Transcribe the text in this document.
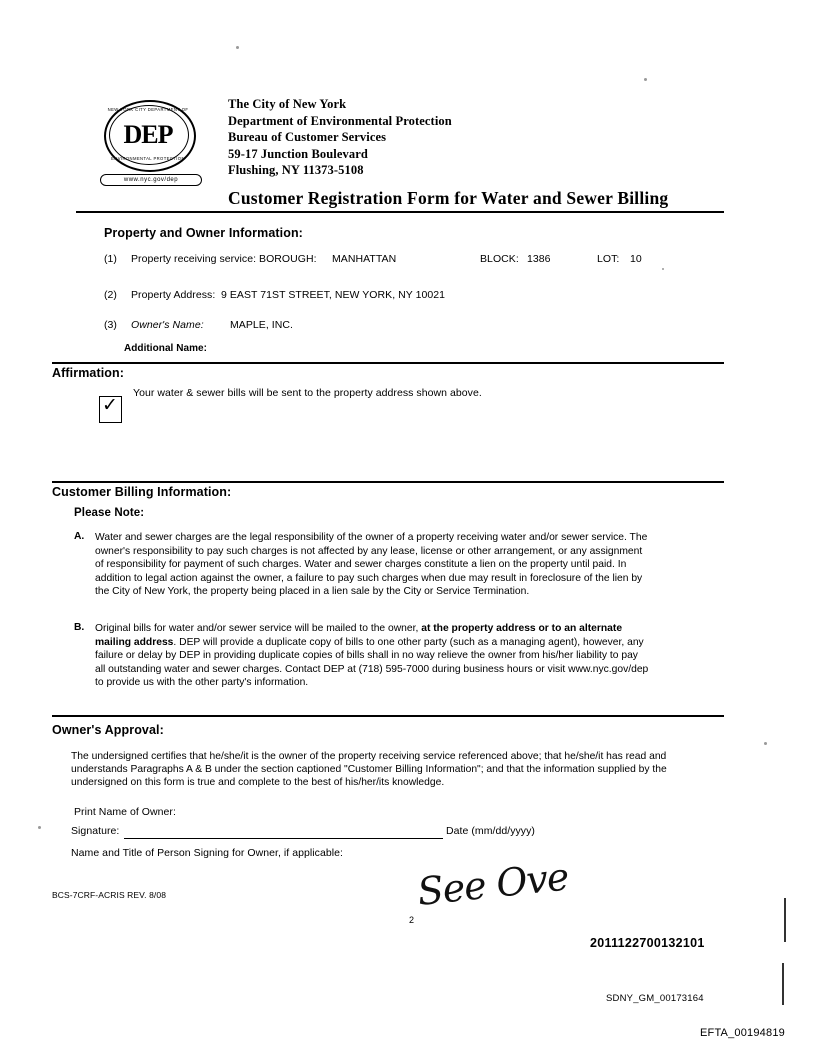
NEW YORK CITY DEPARTMENT OF
DEP
ENVIRONMENTAL PROTECTION
www.nyc.gov/dep
The City of New York
Department of Environmental Protection
Bureau of Customer Services
59-17 Junction Boulevard
Flushing, NY 11373-5108
Customer Registration Form for Water and Sewer Billing
Property and Owner Information:
(1) Property receiving service: BOROUGH: MANHATTAN	BLOCK: 1386	LOT: 10
(2) Property Address: 9 EAST 71ST STREET, NEW YORK, NY 10021
(3) Owner's Name:	MAPLE, INC.
Additional Name:
Affirmation:
✓
Your water & sewer bills will be sent to the property address shown above.
Customer Billing Information:
Please Note:
A. Water and sewer charges are the legal responsibility of the owner of a property receiving water and/or sewer service. The owner's responsibility to pay such charges is not affected by any lease, license or other arrangement, or any assignment of responsibility for payment of such charges. Water and sewer charges constitute a lien on the property until paid. In addition to legal action against the owner, a failure to pay such charges when due may result in foreclosure of the lien by the City of New York, the property being placed in a lien sale by the City or Service Termination.
B. Original bills for water and/or sewer service will be mailed to the owner, at the property address or to an alternate mailing address. DEP will provide a duplicate copy of bills to one other party (such as a managing agent), however, any failure or delay by DEP in providing duplicate copies of bills shall in no way relieve the owner from his/her liability to pay all outstanding water and sewer charges. Contact DEP at (718) 595-7000 during business hours or visit www.nyc.gov/dep to provide us with the other party's information.
Owner's Approval:
The undersigned certifies that he/she/it is the owner of the property receiving service referenced above; that he/she/it has read and understands Paragraphs A & B under the section captioned "Customer Billing Information"; and that the information supplied by the undersigned on this form is true and complete to the best of his/her/its knowledge.
Print Name of Owner:
Signature:	Date (mm/dd/yyyy)
Name and Title of Person Signing for Owner, if applicable:
See Ove
BCS-7CRF-ACRIS REV. 8/08
2
2011122700132101
SDNY_GM_00173164
EFTA_00194819
